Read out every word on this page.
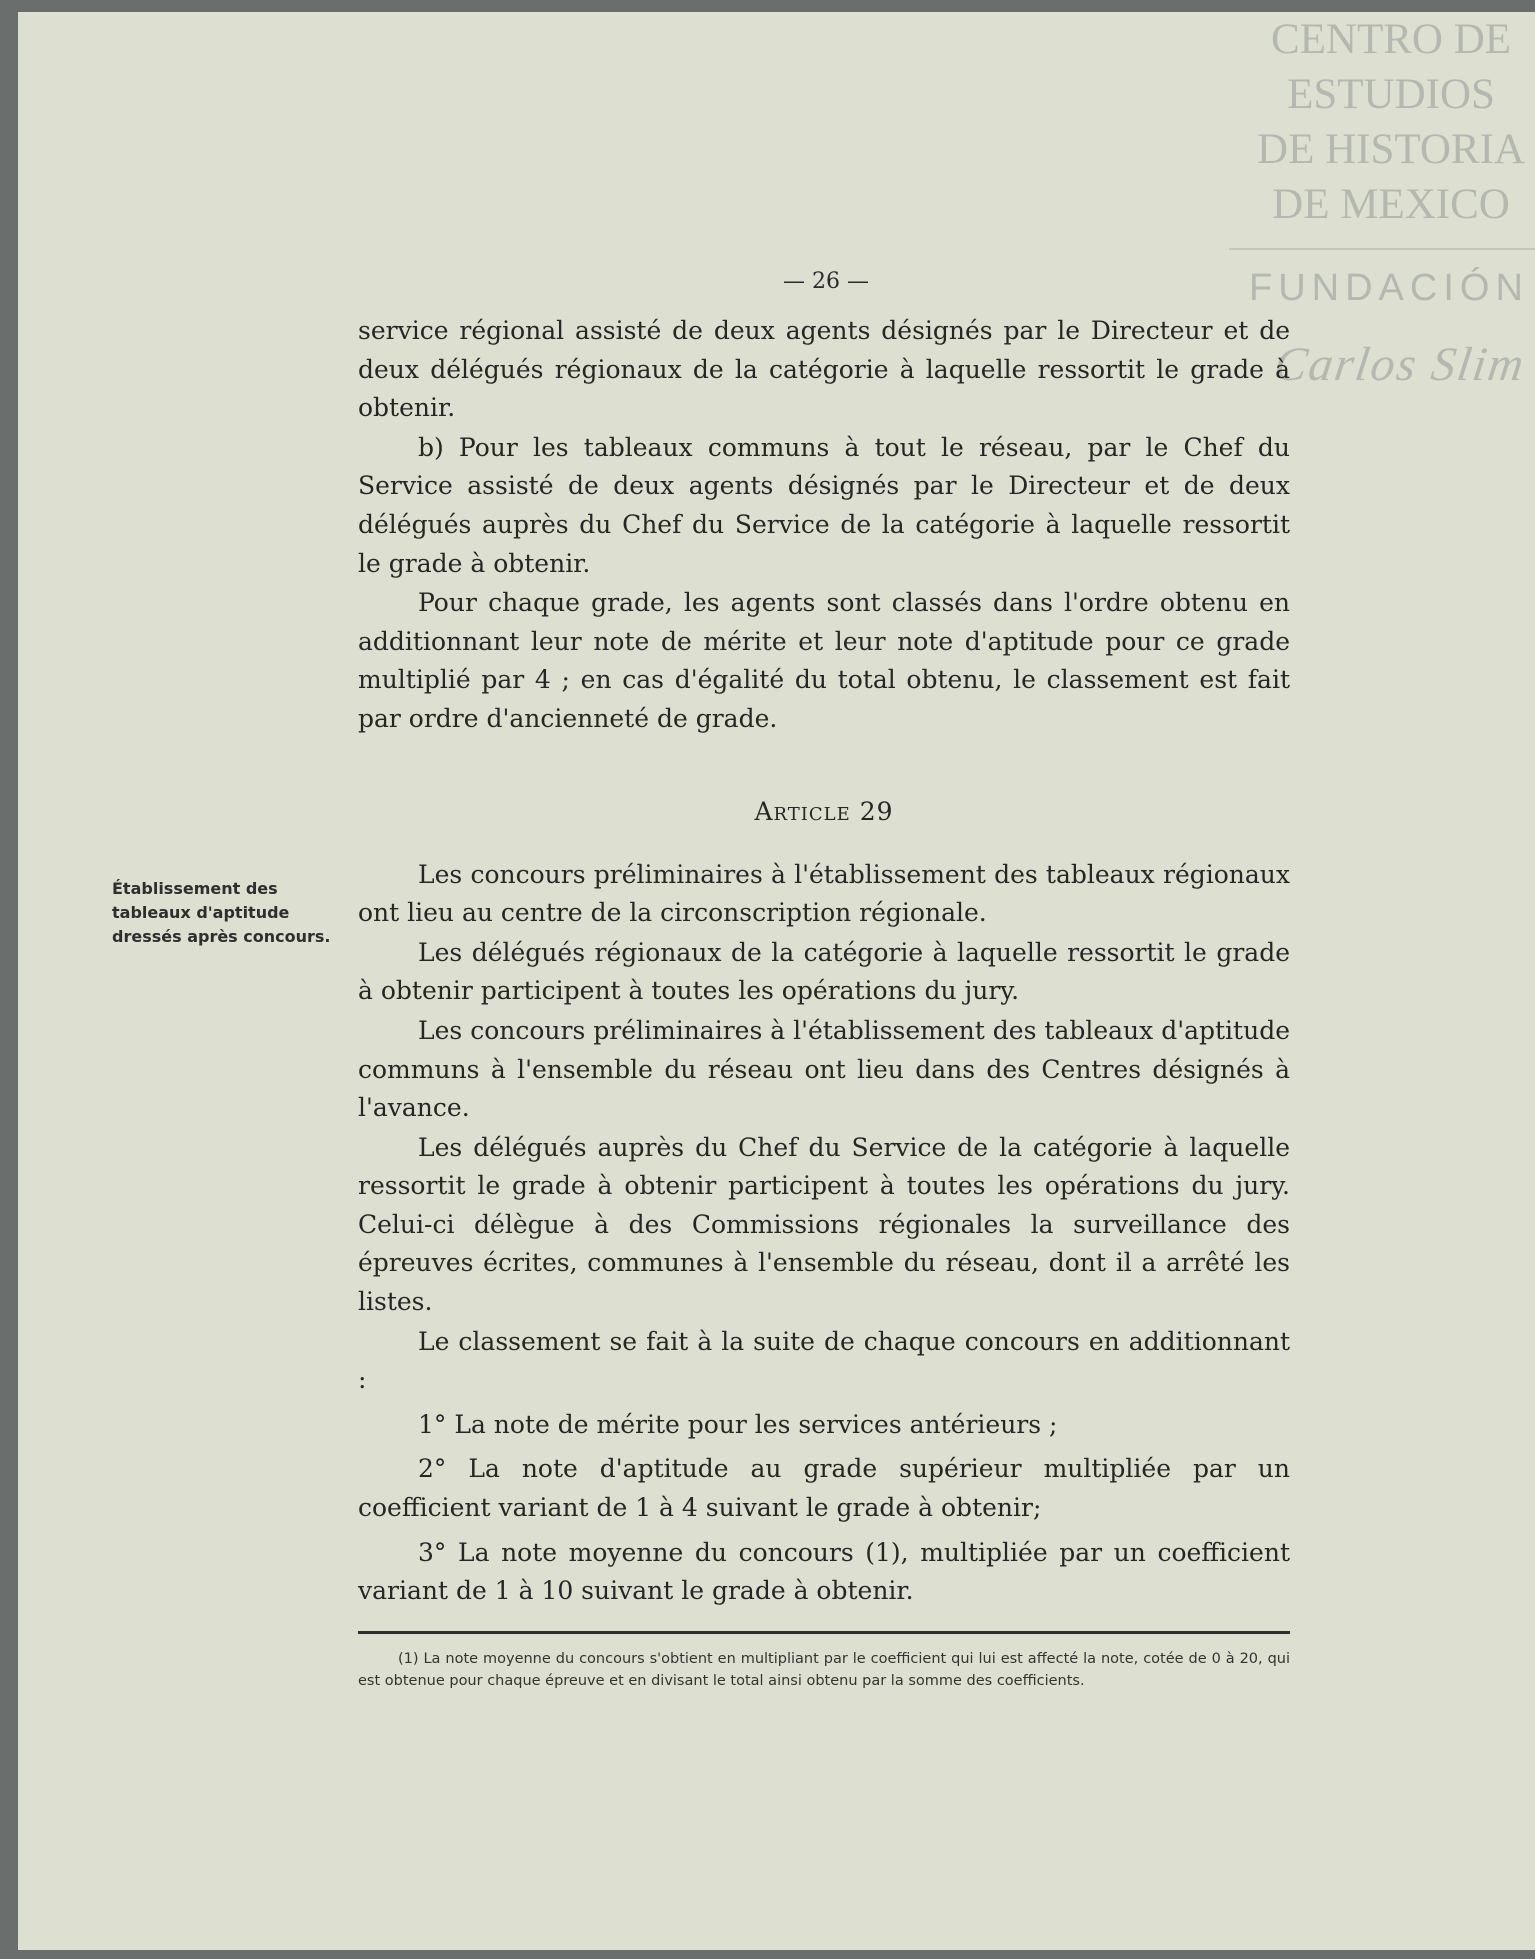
CENTRO DE
ESTUDIOS
DE HISTORIA
DE MEXICO
FUNDACIÓN
Carlos Slim
— 26 —
Établissement des tableaux d'aptitude dressés après concours.

service régional assisté de deux agents désignés par le Directeur et de deux délégués régionaux de la catégorie à laquelle ressortit le grade à obtenir.

b) Pour les tableaux communs à tout le réseau, par le Chef du Service assisté de deux agents désignés par le Directeur et de deux délégués auprès du Chef du Service de la catégorie à laquelle ressortit le grade à obtenir.

Pour chaque grade, les agents sont classés dans l'ordre obtenu en additionnant leur note de mérite et leur note d'aptitude pour ce grade multiplié par 4 ; en cas d'égalité du total obtenu, le classement est fait par ordre d'ancienneté de grade.

Article 29

Les concours préliminaires à l'établissement des tableaux régionaux ont lieu au centre de la circonscription régionale.

Les délégués régionaux de la catégorie à laquelle ressortit le grade à obtenir participent à toutes les opérations du jury.

Les concours préliminaires à l'établissement des tableaux d'aptitude communs à l'ensemble du réseau ont lieu dans des Centres désignés à l'avance.

Les délégués auprès du Chef du Service de la catégorie à laquelle ressortit le grade à obtenir participent à toutes les opérations du jury. Celui-ci délègue à des Commissions régionales la surveillance des épreuves écrites, communes à l'ensemble du réseau, dont il a arrêté les listes.

Le classement se fait à la suite de chaque concours en additionnant :

1° La note de mérite pour les services antérieurs ;

2° La note d'aptitude au grade supérieur multipliée par un coefficient variant de 1 à 4 suivant le grade à obtenir;

3° La note moyenne du concours (1), multipliée par un coefficient variant de 1 à 10 suivant le grade à obtenir.

(1) La note moyenne du concours s'obtient en multipliant par le coefficient qui lui est affecté la note, cotée de 0 à 20, qui est obtenue pour chaque épreuve et en divisant le total ainsi obtenu par la somme des coefficients.
